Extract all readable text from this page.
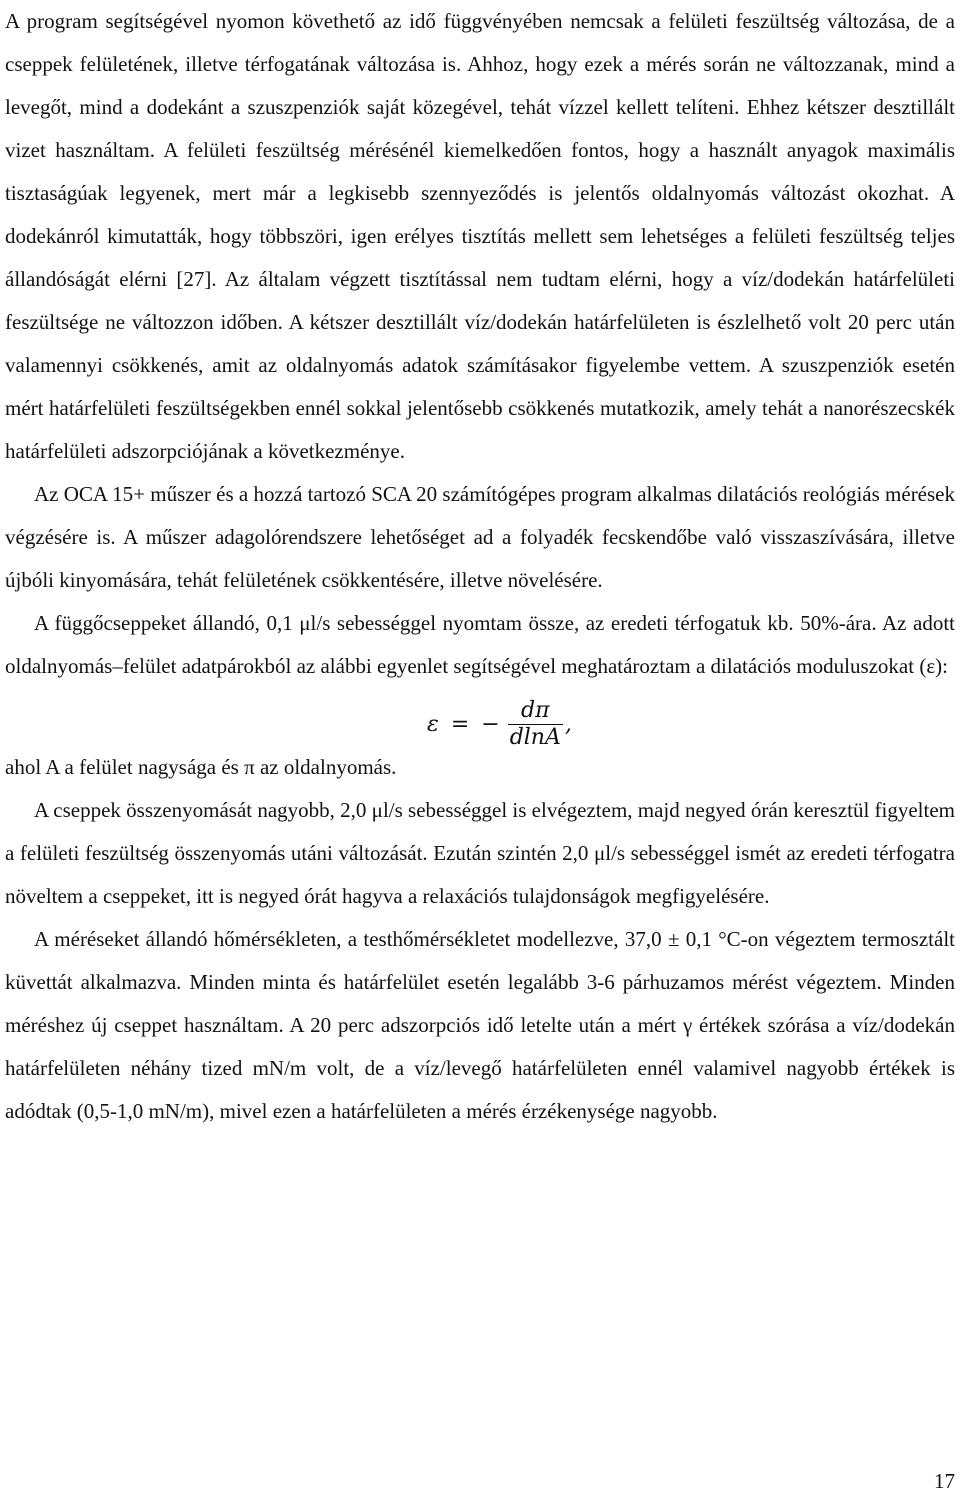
A program segítségével nyomon követhető az idő függvényében nemcsak a felületi feszültség változása, de a cseppek felületének, illetve térfogatának változása is. Ahhoz, hogy ezek a mérés során ne változzanak, mind a levegőt, mind a dodekánt a szuszpenziók saját közegével, tehát vízzel kellett telíteni. Ehhez kétszer desztillált vizet használtam. A felületi feszültség mérésénél kiemelkedően fontos, hogy a használt anyagok maximális tisztaságúak legyenek, mert már a legkisebb szennyeződés is jelentős oldalnyomás változást okozhat. A dodekánról kimutatták, hogy többszöri, igen erélyes tisztítás mellett sem lehetséges a felületi feszültség teljes állandóságát elérni [27]. Az általam végzett tisztítással nem tudtam elérni, hogy a víz/dodekán határfelületi feszültsége ne változzon időben. A kétszer desztillált víz/dodekán határfelületen is észlelhető volt 20 perc után valamennyi csökkenés, amit az oldalnyomás adatok számításakor figyelembe vettem. A szuszpenziók esetén mért határfelületi feszültségekben ennél sokkal jelentősebb csökkenés mutatkozik, amely tehát a nanorészecskék határfelületi adszorpciójának a következménye.

Az OCA 15+ műszer és a hozzá tartozó SCA 20 számítógépes program alkalmas dilatációs reológiás mérések végzésére is. A műszer adagolórendszere lehetőséget ad a folyadék fecskendőbe való visszaszívására, illetve újbóli kinyomására, tehát felületének csökkentésére, illetve növelésére.

A függőcseppeket állandó, 0,1 μl/s sebességgel nyomtam össze, az eredeti térfogatuk kb. 50%-ára. Az adott oldalnyomás–felület adatpárokból az alábbi egyenlet segítségével meghatároztam a dilatációs moduluszokat (ε):

ε = − $\frac{d\pi}{dlnA}$ ,

ahol A a felület nagysága és π az oldalnyomás.

A cseppek összenyomását nagyobb, 2,0 μl/s sebességgel is elvégeztem, majd negyed órán keresztül figyeltem a felületi feszültség összenyomás utáni változását. Ezután szintén 2,0 μl/s sebességgel ismét az eredeti térfogatra növeltem a cseppeket, itt is negyed órát hagyva a relaxációs tulajdonságok megfigyelésére.

A méréseket állandó hőmérsékleten, a testhőmérsékletet modellezve, 37,0 ± 0,1 °C-on végeztem termosztált küvettát alkalmazva. Minden minta és határfelület esetén legalább 3-6 párhuzamos mérést végeztem. Minden méréshez új cseppet használtam. A 20 perc adszorpciós idő letelte után a mért γ értékek szórása a víz/dodekán határfelületen néhány tized mN/m volt, de a víz/levegő határfelületen ennél valamivel nagyobb értékek is adódtak (0,5-1,0 mN/m), mivel ezen a határfelületen a mérés érzékenysége nagyobb.

17
